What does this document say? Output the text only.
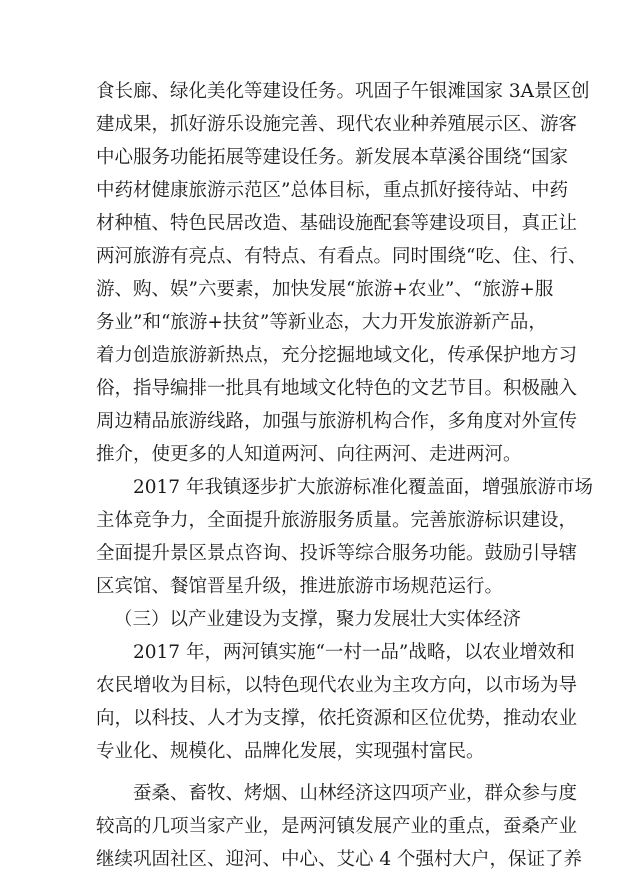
食长廊、绿化美化等建设任务。巩固子午银滩国家 3A景区创
建成果，抓好游乐设施完善、现代农业种养殖展示区、游客
中心服务功能拓展等建设任务。新发展本草溪谷围绕“国家
中药材健康旅游示范区”总体目标，重点抓好接待站、中药
材种植、特色民居改造、基础设施配套等建设项目，真正让
两河旅游有亮点、有特点、有看点。同时围绕“吃、住、行、
游、购、娱”六要素，加快发展“旅游+农业”、“旅游+服
务业”和“旅游+扶贫”等新业态，大力开发旅游新产品，
着力创造旅游新热点，充分挖掘地域文化，传承保护地方习
俗，指导编排一批具有地域文化特色的文艺节目。积极融入
周边精品旅游线路，加强与旅游机构合作，多角度对外宣传
推介，使更多的人知道两河、向往两河、走进两河。
2017 年我镇逐步扩大旅游标准化覆盖面，增强旅游市场
主体竞争力，全面提升旅游服务质量。完善旅游标识建设，
全面提升景区景点咨询、投诉等综合服务功能。鼓励引导辖
区宾馆、餐馆晋星升级，推进旅游市场规范运行。
（三）以产业建设为支撑，聚力发展壮大实体经济
2017 年，两河镇实施“一村一品”战略，以农业增效和
农民增收为目标，以特色现代农业为主攻方向，以市场为导
向，以科技、人才为支撑，依托资源和区位优势，推动农业
专业化、规模化、品牌化发展，实现强村富民。
蚕桑、畜牧、烤烟、山林经济这四项产业，群众参与度
较高的几项当家产业，是两河镇发展产业的重点，蚕桑产业
继续巩固社区、迎河、中心、艾心 4 个强村大户，保证了养
